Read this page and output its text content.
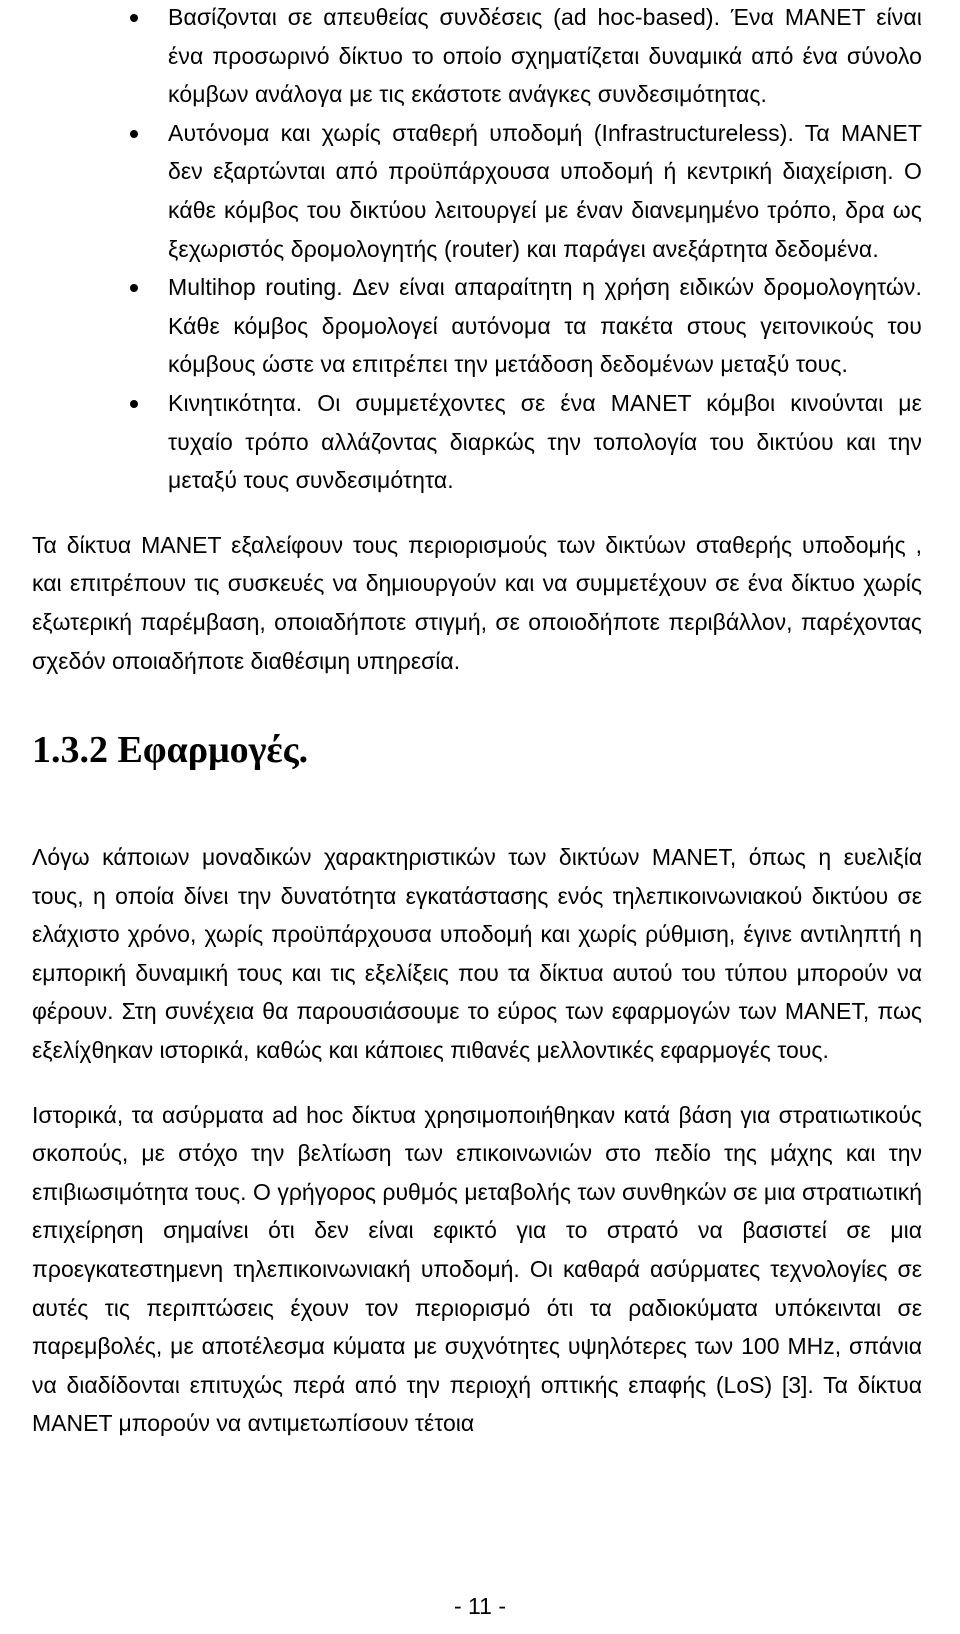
Βασίζονται σε απευθείας συνδέσεις (ad hoc-based). Ένα MANET είναι ένα προσωρινό δίκτυο το οποίο σχηματίζεται δυναμικά από ένα σύνολο κόμβων ανάλογα με τις εκάστοτε ανάγκες συνδεσιμότητας.
Αυτόνομα και χωρίς σταθερή υποδομή (Infrastructureless). Τα MANET δεν εξαρτώνται από προϋπάρχουσα υποδομή ή κεντρική διαχείριση. Ο κάθε κόμβος του δικτύου λειτουργεί με έναν διανεμημένο τρόπο, δρα ως ξεχωριστός δρομολογητής (router) και παράγει ανεξάρτητα δεδομένα.
Multihop routing. Δεν είναι απαραίτητη η χρήση ειδικών δρομολογητών. Κάθε κόμβος δρομολογεί αυτόνομα τα πακέτα στους γειτονικούς του κόμβους ώστε να επιτρέπει την μετάδοση δεδομένων μεταξύ τους.
Κινητικότητα. Οι συμμετέχοντες σε ένα MANET κόμβοι κινούνται με τυχαίο τρόπο αλλάζοντας διαρκώς την τοπολογία του δικτύου και την μεταξύ τους συνδεσιμότητα.

Τα δίκτυα MANET εξαλείφουν τους περιορισμούς των δικτύων σταθερής υποδομής , και επιτρέπουν τις συσκευές να δημιουργούν και να συμμετέχουν σε ένα δίκτυο χωρίς εξωτερική παρέμβαση, οποιαδήποτε στιγμή, σε οποιοδήποτε περιβάλλον, παρέχοντας σχεδόν οποιαδήποτε διαθέσιμη υπηρεσία.

1.3.2 Εφαρμογές.

Λόγω κάποιων μοναδικών χαρακτηριστικών των δικτύων MANET, όπως η ευελιξία τους, η οποία δίνει την δυνατότητα εγκατάστασης ενός τηλεπικοινωνιακού δικτύου σε ελάχιστο χρόνο, χωρίς προϋπάρχουσα υποδομή και χωρίς ρύθμιση, έγινε αντιληπτή η εμπορική δυναμική τους και τις εξελίξεις που τα δίκτυα αυτού του τύπου μπορούν να φέρουν. Στη συνέχεια θα παρουσιάσουμε το εύρος των εφαρμογών των MANET, πως εξελίχθηκαν ιστορικά, καθώς και κάποιες πιθανές μελλοντικές εφαρμογές τους.

Ιστορικά, τα ασύρματα ad hoc δίκτυα χρησιμοποιήθηκαν κατά βάση για στρατιωτικούς σκοπούς, με στόχο την βελτίωση των επικοινωνιών στο πεδίο της μάχης και την επιβιωσιμότητα τους. Ο γρήγορος ρυθμός μεταβολής των συνθηκών σε μια στρατιωτική επιχείρηση σημαίνει ότι δεν είναι εφικτό για το στρατό να βασιστεί σε μια προεγκατεστημενη τηλεπικοινωνιακή υποδομή. Οι καθαρά ασύρματες τεχνολογίες σε αυτές τις περιπτώσεις έχουν τον περιορισμό ότι τα ραδιοκύματα υπόκεινται σε παρεμβολές, με αποτέλεσμα κύματα με συχνότητες υψηλότερες των 100 MHz, σπάνια να διαδίδονται επιτυχώς περά από την περιοχή οπτικής επαφής (LoS) [3]. Τα δίκτυα MANET μπορούν να αντιμετωπίσουν τέτοια

- 11 -
